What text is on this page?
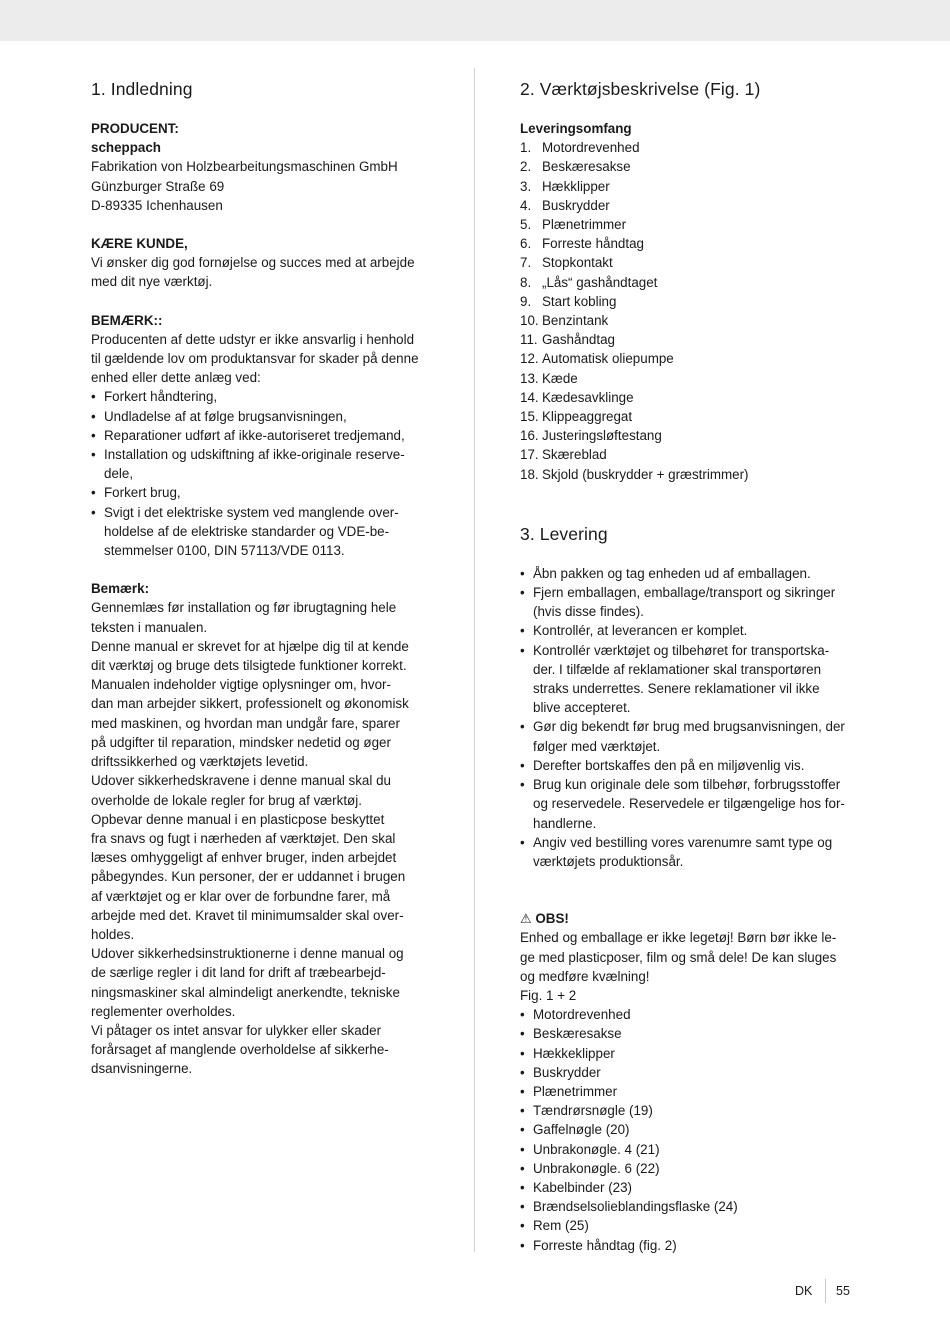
1. Indledning

PRODUCENT:

scheppach

Fabrikation von Holzbearbeitungsmaschinen GmbH
Günzburger Straße 69
D-89335 Ichenhausen

KÆRE KUNDE,

Vi ønsker dig god fornøjelse og succes med at arbejde
med dit nye værktøj.

BEMÆRK::

Producenten af dette udstyr er ikke ansvarlig i henhold
til gældende lov om produktansvar for skader på denne
enhed eller dette anlæg ved:
• Forkert håndtering,
• Undladelse af at følge brugsanvisningen,
• Reparationer udført af ikke-autoriseret tredjemand,
• Installation og udskiftning af ikke-originale reserve-
dele,
• Forkert brug,
• Svigt i det elektriske system ved manglende over-
holdelse af de elektriske standarder og VDE-be-
stemmelser 0100, DIN 57113/VDE 0113.

Bemærk:

Gennemlæs før installation og før ibrugtagning hele
teksten i manualen.
Denne manual er skrevet for at hjælpe dig til at kende
dit værktøj og bruge dets tilsigtede funktioner korrekt.
Manualen indeholder vigtige oplysninger om, hvor-
dan man arbejder sikkert, professionelt og økonomisk
med maskinen, og hvordan man undgår fare, sparer
på udgifter til reparation, mindsker nedetid og øger
driftssikkerhed og værktøjets levetid.
Udover sikkerhedskravene i denne manual skal du
overholde de lokale regler for brug af værktøj.
Opbevar denne manual i en plasticpose beskyttet
fra snavs og fugt i nærheden af værktøjet. Den skal
læses omhyggeligt af enhver bruger, inden arbejdet
påbegyndes. Kun personer, der er uddannet i brugen
af værktøjet og er klar over de forbundne farer, må
arbejde med det. Kravet til minimumsalder skal over-
holdes.
Udover sikkerhedsinstruktionerne i denne manual og
de særlige regler i dit land for drift af træbearbejd-
ningsmaskiner skal almindeligt anerkendte, tekniske
reglementer overholdes.
Vi påtager os intet ansvar for ulykker eller skader
forårsaget af manglende overholdelse af sikkerhe-
dsanvisningerne.
2. Værktøjsbeskrivelse (Fig. 1)

Leveringsomfang

1. Motordrevenhed
2. Beskæresakse
3. Hækklipper
4. Buskrydder
5. Plænetrimmer
6. Forreste håndtag
7. Stopkontakt
8. „Lås“ gashåndtaget
9. Start kobling
10. Benzintank
11. Gashåndtag
12. Automatisk oliepumpe
13. Kæde
14. Kædesavklinge
15. Klippeaggregat
16. Justeringsløftestang
17. Skæreblad
18. Skjold (buskrydder + græstrimmer)
3. Levering
• Åbn pakken og tag enheden ud af emballagen.
• Fjern emballagen, emballage/transport og sikringer
(hvis disse findes).
• Kontrollér, at leverancen er komplet.
• Kontrollér værktøjet og tilbehøret for transportska-
der. I tilfælde af reklamationer skal transportøren
straks underrettes. Senere reklamationer vil ikke
blive accepteret.
• Gør dig bekendt før brug med brugsanvisningen, der
følger med værktøjet.
• Derefter bortskaffes den på en miljøvenlig vis.
• Brug kun originale dele som tilbehør, forbrugsstoffer
og reservedele. Reservedele er tilgængelige hos for-
handlerne.
• Angiv ved bestilling vores varenumre samt type og
værktøjets produktionsår.

⚠ OBS!

Enhed og emballage er ikke legetøj! Børn bør ikke le-
ge med plasticposer, film og små dele! De kan sluges
og medføre kvælning!
Fig. 1 + 2
• Motordrevenhed
• Beskæresakse
• Hækkeklipper
• Buskrydder
• Plænetrimmer
• Tændrørsnøgle (19)
• Gaffelnøgle (20)
• Unbrakonøgle. 4 (21)
• Unbrakonøgle. 6 (22)
• Kabelbinder (23)
• Brændselsolieblandingsflaske (24)
• Rem (25)
• Forreste håndtag (fig. 2)
DK 55
